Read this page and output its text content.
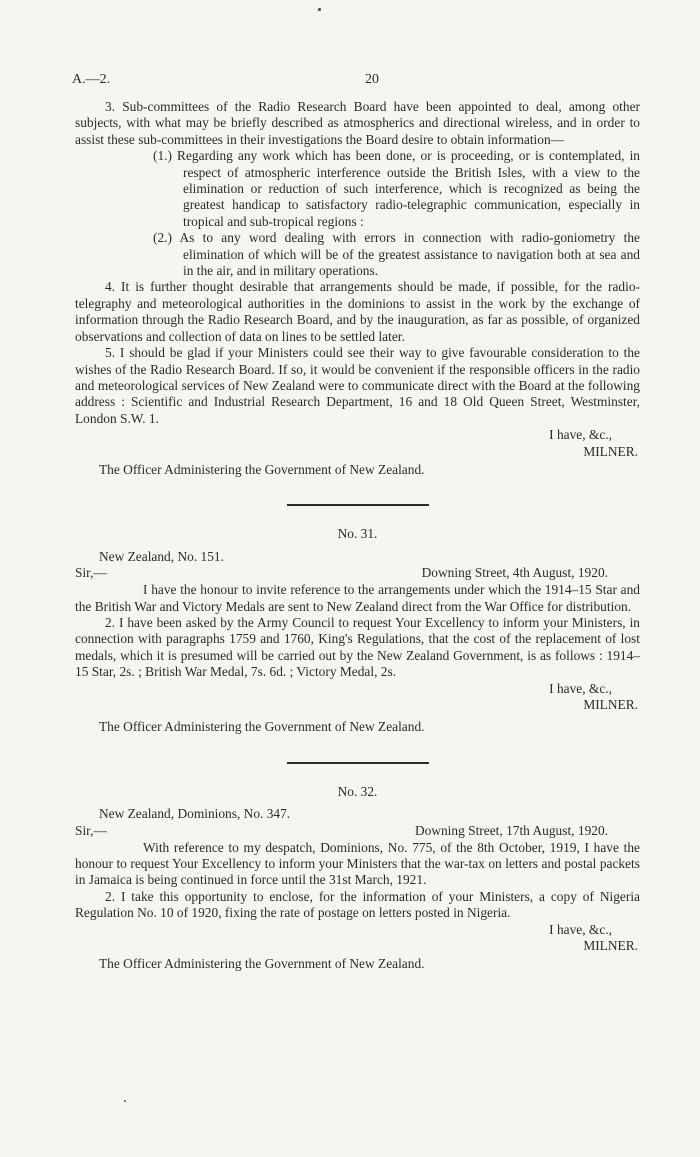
A.—2.	20

3. Sub-committees of the Radio Research Board have been appointed to deal, among other subjects, with what may be briefly described as atmospherics and directional wireless, and in order to assist these sub-committees in their investigations the Board desire to obtain information—

(1.) Regarding any work which has been done, or is proceeding, or is contemplated, in respect of atmospheric interference outside the British Isles, with a view to the elimination or reduction of such interference, which is recognized as being the greatest handicap to satisfactory radio-telegraphic communication, especially in tropical and sub-tropical regions :

(2.) As to any word dealing with errors in connection with radio-goniometry the elimination of which will be of the greatest assistance to navigation both at sea and in the air, and in military operations.

4. It is further thought desirable that arrangements should be made, if possible, for the radio-telegraphy and meteorological authorities in the dominions to assist in the work by the exchange of information through the Radio Research Board, and by the inauguration, as far as possible, of organized observations and collection of data on lines to be settled later.

5. I should be glad if your Ministers could see their way to give favourable consideration to the wishes of the Radio Research Board. If so, it would be convenient if the responsible officers in the radio and meteorological services of New Zealand were to communicate direct with the Board at the following address : Scientific and Industrial Research Department, 16 and 18 Old Queen Street, Westminster, London S.W. 1.

I have, &c.,

MILNER.

The Officer Administering the Government of New Zealand.

No. 31.

New Zealand, No. 151.

Sir,—	Downing Street, 4th August, 1920.

I have the honour to invite reference to the arrangements under which the 1914–15 Star and the British War and Victory Medals are sent to New Zealand direct from the War Office for distribution.

2. I have been asked by the Army Council to request Your Excellency to inform your Ministers, in connection with paragraphs 1759 and 1760, King's Regulations, that the cost of the replacement of lost medals, which it is presumed will be carried out by the New Zealand Government, is as follows : 1914–15 Star, 2s. ; British War Medal, 7s. 6d. ; Victory Medal, 2s.

I have, &c.,

MILNER.

The Officer Administering the Government of New Zealand.

No. 32.

New Zealand, Dominions, No. 347.

Sir,—	Downing Street, 17th August, 1920.

With reference to my despatch, Dominions, No. 775, of the 8th October, 1919, I have the honour to request Your Excellency to inform your Ministers that the war-tax on letters and postal packets in Jamaica is being continued in force until the 31st March, 1921.

2. I take this opportunity to enclose, for the information of your Ministers, a copy of Nigeria Regulation No. 10 of 1920, fixing the rate of postage on letters posted in Nigeria.

I have, &c.,

MILNER.

The Officer Administering the Government of New Zealand.
